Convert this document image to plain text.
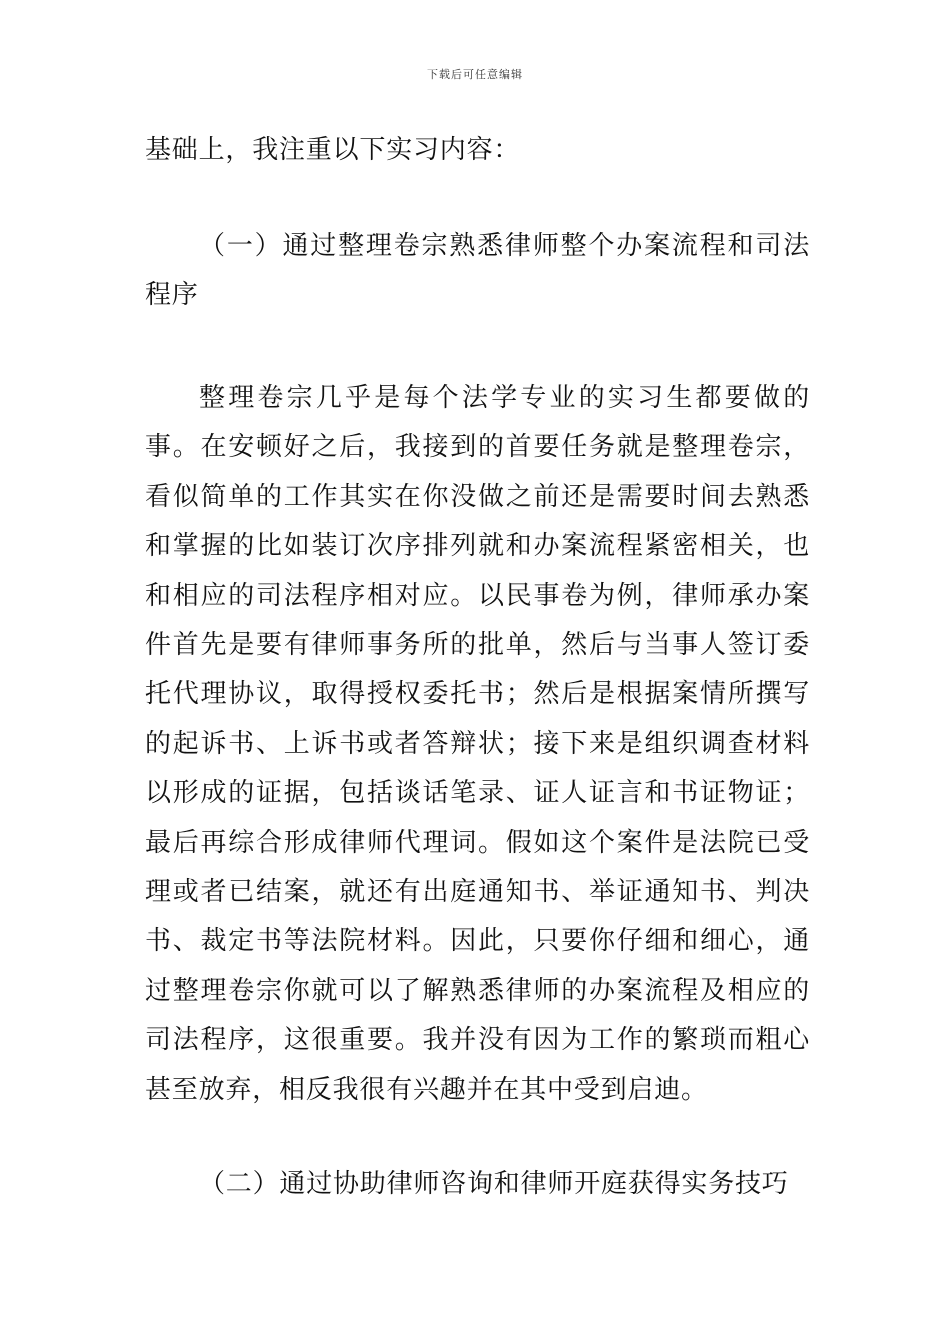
下载后可任意编辑

基础上，我注重以下实习内容：

（一）通过整理卷宗熟悉律师整个办案流程和司法程序

整理卷宗几乎是每个法学专业的实习生都要做的事。在安顿好之后，我接到的首要任务就是整理卷宗，看似简单的工作其实在你没做之前还是需要时间去熟悉和掌握的比如装订次序排列就和办案流程紧密相关，也和相应的司法程序相对应。以民事卷为例，律师承办案件首先是要有律师事务所的批单，然后与当事人签订委托代理协议，取得授权委托书；然后是根据案情所撰写的起诉书、上诉书或者答辩状；接下来是组织调查材料以形成的证据，包括谈话笔录、证人证言和书证物证；最后再综合形成律师代理词。假如这个案件是法院已受理或者已结案，就还有出庭通知书、举证通知书、判决书、裁定书等法院材料。因此，只要你仔细和细心，通过整理卷宗你就可以了解熟悉律师的办案流程及相应的司法程序，这很重要。我并没有因为工作的繁琐而粗心甚至放弃，相反我很有兴趣并在其中受到启迪。

（二）通过协助律师咨询和律师开庭获得实务技巧
